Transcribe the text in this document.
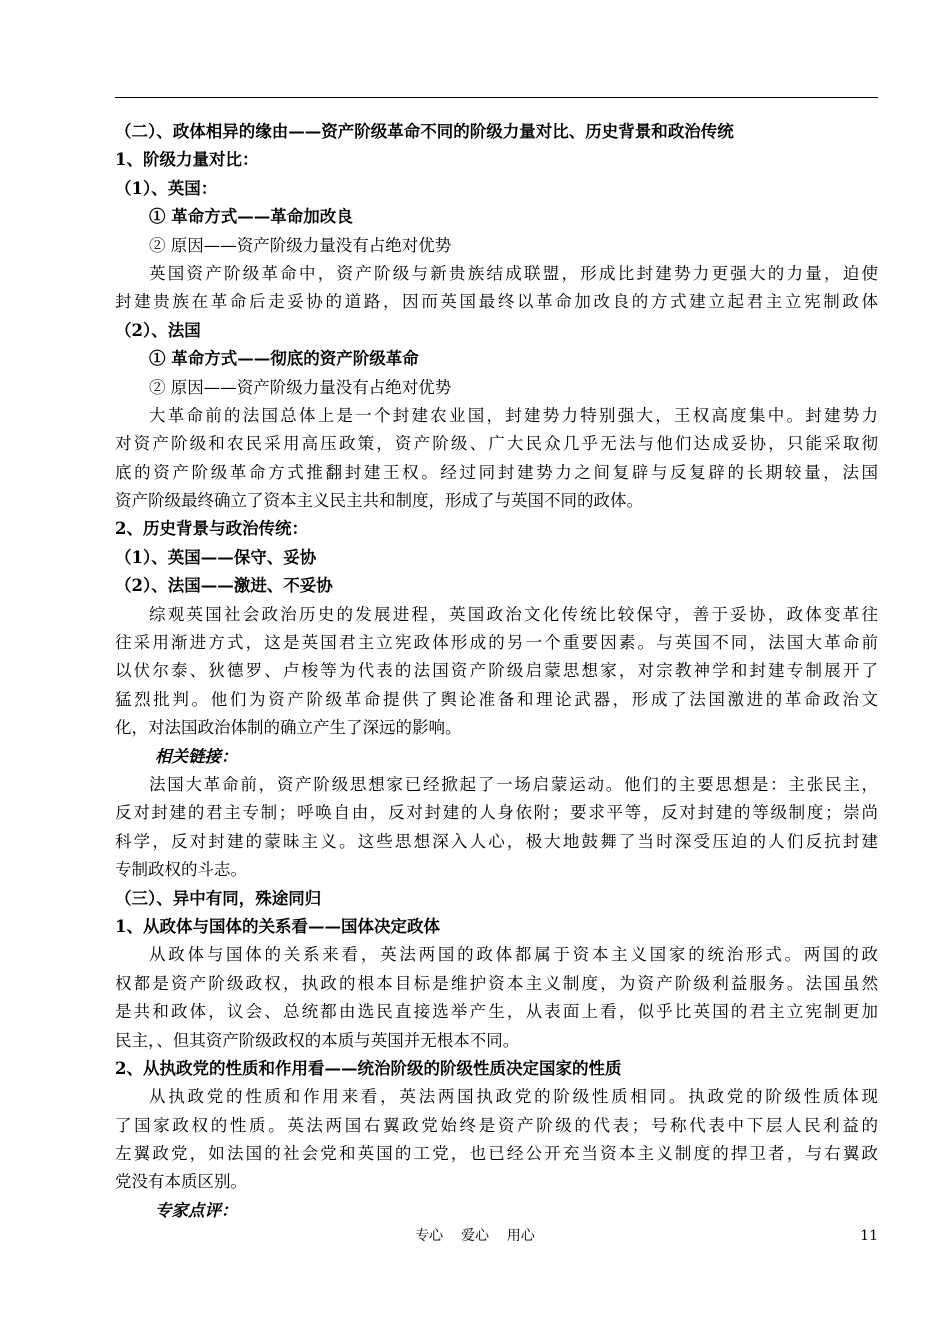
（二）、政体相异的缘由——资产阶级革命不同的阶级力量对比、历史背景和政治传统
1、阶级力量对比：
（1）、英国：
① 革命方式——革命加改良
② 原因——资产阶级力量没有占绝对优势
英国资产阶级革命中，资产阶级与新贵族结成联盟，形成比封建势力更强大的力量，迫使
封建贵族在革命后走妥协的道路，因而英国最终以革命加改良的方式建立起君主立宪制政体
（2）、法国
① 革命方式——彻底的资产阶级革命
② 原因——资产阶级力量没有占绝对优势
大革命前的法国总体上是一个封建农业国，封建势力特别强大，王权高度集中。封建势力
对资产阶级和农民采用高压政策，资产阶级、广大民众几乎无法与他们达成妥协，只能采取彻
底的资产阶级革命方式推翻封建王权。经过同封建势力之间复辟与反复辟的长期较量，法国
资产阶级最终确立了资本主义民主共和制度，形成了与英国不同的政体。
2、历史背景与政治传统：
（1）、英国——保守、妥协
（2）、法国——激进、不妥协
综观英国社会政治历史的发展进程，英国政治文化传统比较保守，善于妥协，政体变革往
往采用渐进方式，这是英国君主立宪政体形成的另一个重要因素。与英国不同，法国大革命前
以伏尔泰、狄德罗、卢梭等为代表的法国资产阶级启蒙思想家，对宗教神学和封建专制展开了
猛烈批判。他们为资产阶级革命提供了舆论准备和理论武器，形成了法国激进的革命政治文
化，对法国政治体制的确立产生了深远的影响。
相关链接：
法国大革命前，资产阶级思想家已经掀起了一场启蒙运动。他们的主要思想是：主张民主，
反对封建的君主专制；呼唤自由，反对封建的人身依附；要求平等，反对封建的等级制度；崇尚
科学，反对封建的蒙昧主义。这些思想深入人心，极大地鼓舞了当时深受压迫的人们反抗封建
专制政权的斗志。
（三）、异中有同，殊途同归
1、从政体与国体的关系看——国体决定政体
从政体与国体的关系来看，英法两国的政体都属于资本主义国家的统治形式。两国的政
权都是资产阶级政权，执政的根本目标是维护资本主义制度，为资产阶级利益服务。法国虽然
是共和政体，议会、总统都由选民直接选举产生，从表面上看，似乎比英国的君主立宪制更加
民主，、但其资产阶级政权的本质与英国并无根本不同。
2、从执政党的性质和作用看——统治阶级的阶级性质决定国家的性质
从执政党的性质和作用来看，英法两国执政党的阶级性质相同。执政党的阶级性质体现
了国家政权的性质。英法两国右翼政党始终是资产阶级的代表；号称代表中下层人民利益的
左翼政党，如法国的社会党和英国的工党，也已经公开充当资本主义制度的捍卫者，与右翼政
党没有本质区别。
专家点评：
专心    爱心    用心	11
